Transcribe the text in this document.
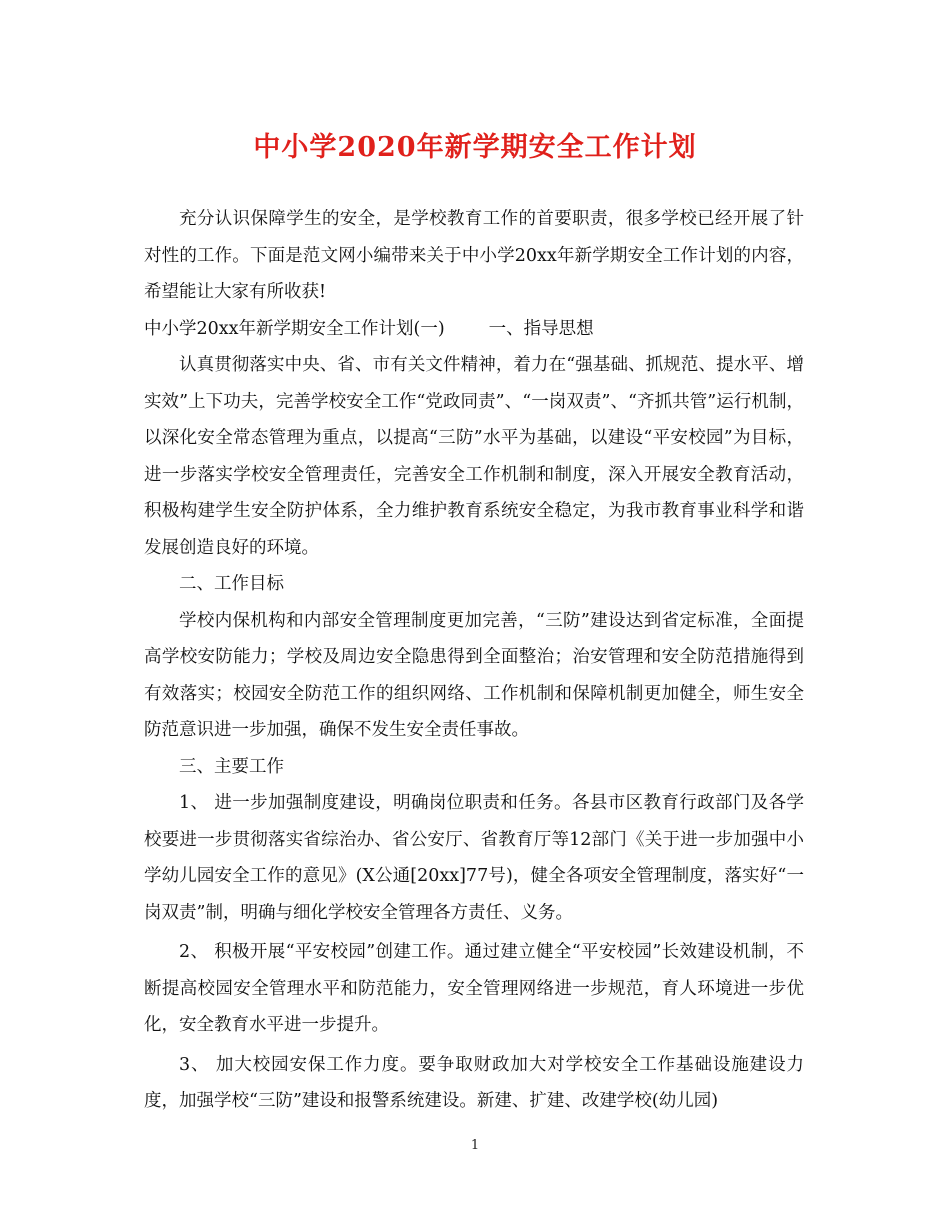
中小学2020年新学期安全工作计划

充分认识保障学生的安全，是学校教育工作的首要职责，很多学校已经开展了针对性的工作。下面是范文网小编带来关于中小学20xx年新学期安全工作计划的内容，希望能让大家有所收获!

中小学20xx年新学期安全工作计划(一)	一、指导思想

认真贯彻落实中央、省、市有关文件精神，着力在“强基础、抓规范、提水平、增实效”上下功夫，完善学校安全工作“党政同责”、“一岗双责”、“齐抓共管”运行机制，以深化安全常态管理为重点，以提高“三防”水平为基础，以建设“平安校园”为目标，进一步落实学校安全管理责任，完善安全工作机制和制度，深入开展安全教育活动，积极构建学生安全防护体系，全力维护教育系统安全稳定，为我市教育事业科学和谐发展创造良好的环境。

二、工作目标

学校内保机构和内部安全管理制度更加完善，“三防”建设达到省定标准，全面提高学校安防能力；学校及周边安全隐患得到全面整治；治安管理和安全防范措施得到有效落实；校园安全防范工作的组织网络、工作机制和保障机制更加健全，师生安全防范意识进一步加强，确保不发生安全责任事故。

三、主要工作

1、 进一步加强制度建设，明确岗位职责和任务。各县市区教育行政部门及各学校要进一步贯彻落实省综治办、省公安厅、省教育厅等12部门《关于进一步加强中小学幼儿园安全工作的意见》(X公通[20xx]77号)，健全各项安全管理制度，落实好“一岗双责”制，明确与细化学校安全管理各方责任、义务。

2、 积极开展“平安校园”创建工作。通过建立健全“平安校园”长效建设机制，不断提高校园安全管理水平和防范能力，安全管理网络进一步规范，育人环境进一步优化，安全教育水平进一步提升。

3、 加大校园安保工作力度。要争取财政加大对学校安全工作基础设施建设力度，加强学校“三防”建设和报警系统建设。新建、扩建、改建学校(幼儿园)

1
